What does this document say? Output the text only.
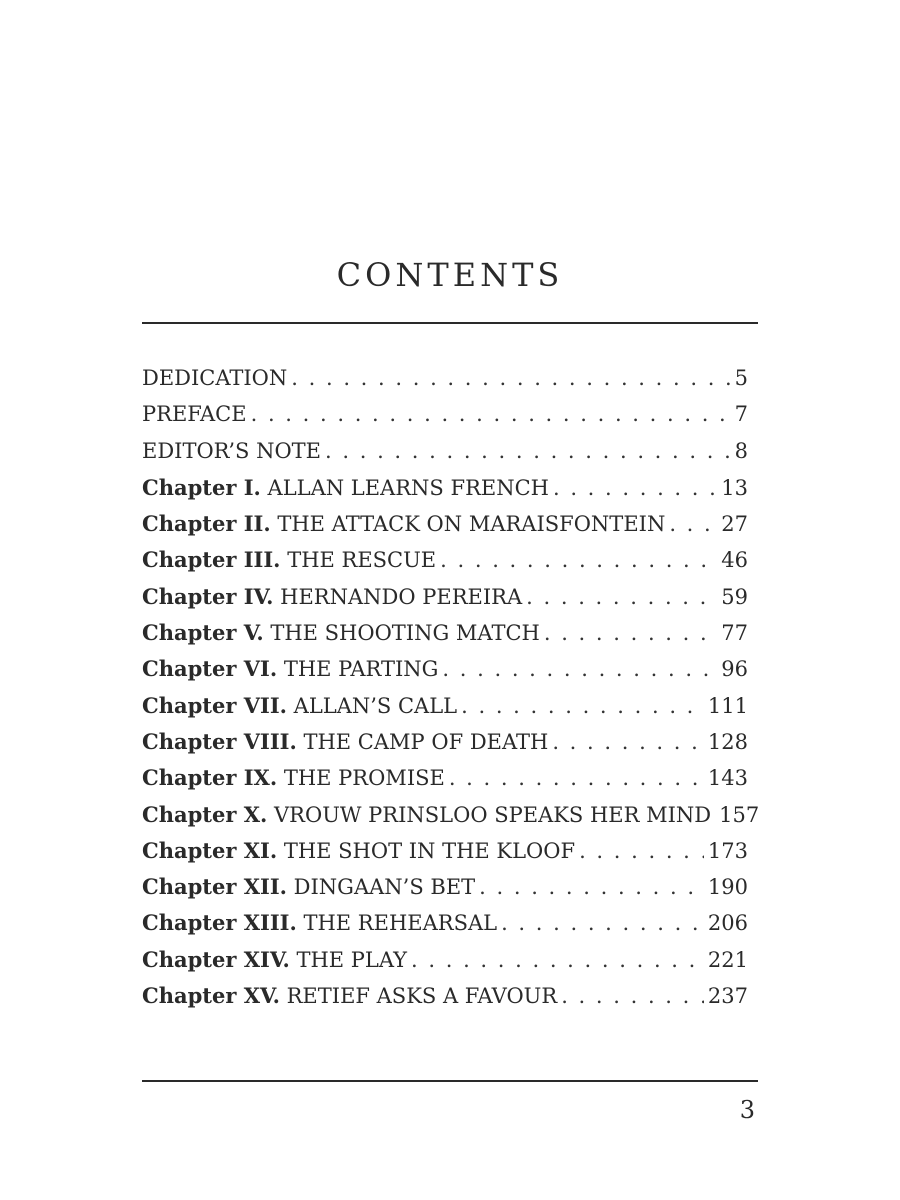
CONTENTS
DEDICATION . . .	5
PREFACE . . .	7
EDITOR’S NOTE . . .	8
Chapter I. ALLAN LEARNS FRENCH . . .	13
Chapter II. THE ATTACK ON MARAISFONTEIN . . .	27
Chapter III. THE RESCUE . . .	46
Chapter IV. HERNANDO PEREIRA . . .	59
Chapter V. THE SHOOTING MATCH . . .	77
Chapter VI. THE PARTING . . .	96
Chapter VII. ALLAN’S CALL . . .	111
Chapter VIII. THE CAMP OF DEATH . . .	128
Chapter IX. THE PROMISE . . .	143
Chapter X. VROUW PRINSLOO SPEAKS HER MIND 157
Chapter XI. THE SHOT IN THE KLOOF . . .	173
Chapter XII. DINGAAN’S BET . . .	190
Chapter XIII. THE REHEARSAL . . .	206
Chapter XIV. THE PLAY . . .	221
Chapter XV. RETIEF ASKS A FAVOUR . . .	237
3
